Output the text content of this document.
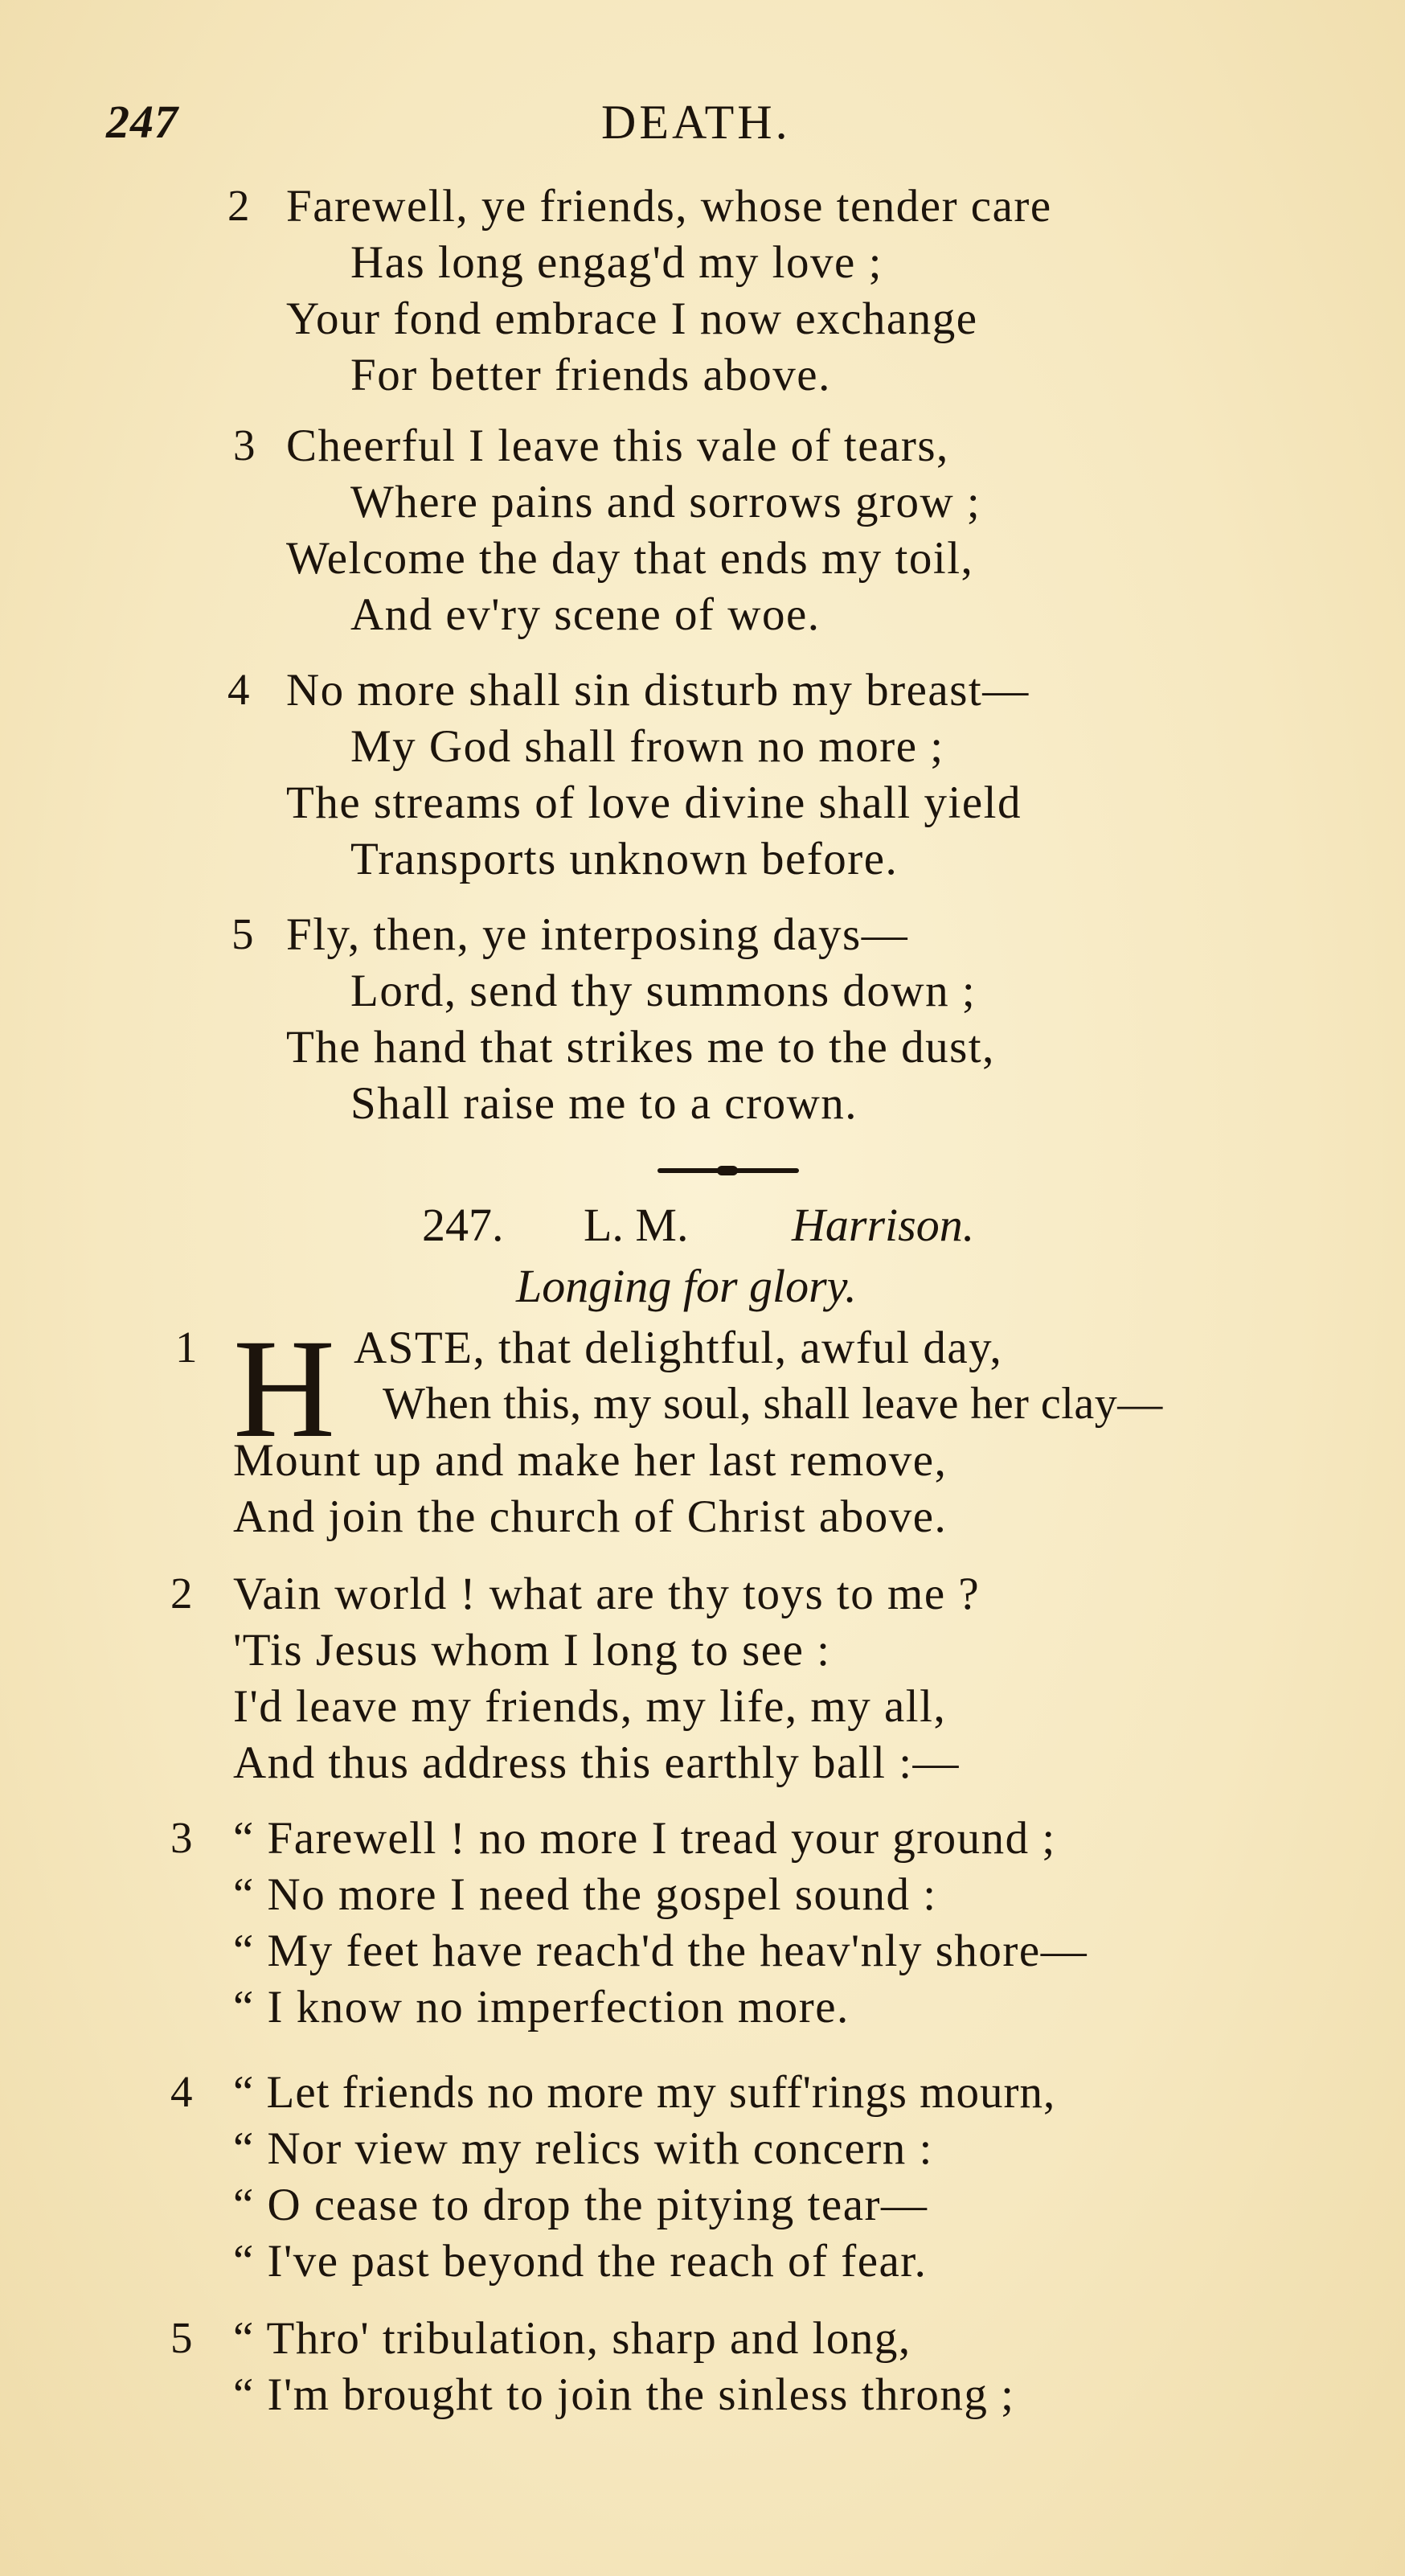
247	DEATH.
2 Farewell, ye friends, whose tender care
Has long engag'd my love ;
Your fond embrace I now exchange
For better friends above.
3 Cheerful I leave this vale of tears,
Where pains and sorrows grow ;
Welcome the day that ends my toil,
And ev'ry scene of woe.
4 No more shall sin disturb my breast—
My God shall frown no more ;
The streams of love divine shall yield
Transports unknown before.
5 Fly, then, ye interposing days—
Lord, send thy summons down ;
The hand that strikes me to the dust,
Shall raise me to a crown.
247. L. M. Harrison.
Longing for glory.
1 H ASTE, that delightful, awful day,
When this, my soul, shall leave her clay—
Mount up and make her last remove,
And join the church of Christ above.
2 Vain world ! what are thy toys to me ?
'Tis Jesus whom I long to see :
I'd leave my friends, my life, my all,
And thus address this earthly ball :—
3 “ Farewell ! no more I tread your ground ;
“ No more I need the gospel sound :
“ My feet have reach'd the heav'nly shore—
“ I know no imperfection more.
4 “ Let friends no more my suff'rings mourn,
“ Nor view my relics with concern :
“ O cease to drop the pitying tear—
“ I've past beyond the reach of fear.
5 “ Thro' tribulation, sharp and long,
“ I'm brought to join the sinless throng ;
